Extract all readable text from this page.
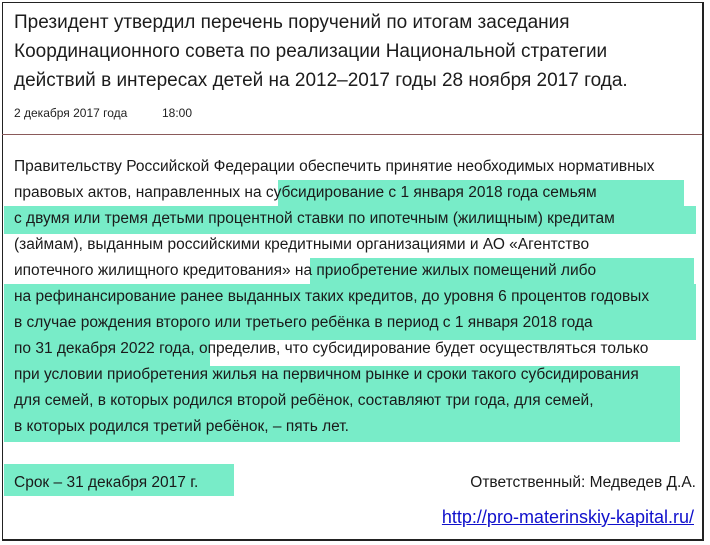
Президент утвердил перечень поручений по итогам заседания
Координационного совета по реализации Национальной стратегии
действий в интересах детей на 2012–2017 годы 28 ноября 2017 года.
2 декабря 2017 года	18:00
Правительству Российской Федерации обеспечить принятие необходимых нормативных
правовых актов, направленных на субсидирование с 1 января 2018 года семьям
с двумя или тремя детьми процентной ставки по ипотечным (жилищным) кредитам
(займам), выданным российскими кредитными организациями и АО «Агентство
ипотечного жилищного кредитования» на приобретение жилых помещений либо
на рефинансирование ранее выданных таких кредитов, до уровня 6 процентов годовых
в случае рождения второго или третьего ребёнка в период с 1 января 2018 года
по 31 декабря 2022 года, определив, что субсидирование будет осуществляться только
при условии приобретения жилья на первичном рынке и сроки такого субсидирования
для семей, в которых родился второй ребёнок, составляют три года, для семей,
в которых родился третий ребёнок, – пять лет.
Срок – 31 декабря 2017 г.	Ответственный: Медведев Д.А.
http://pro-materinskiy-kapital.ru/
